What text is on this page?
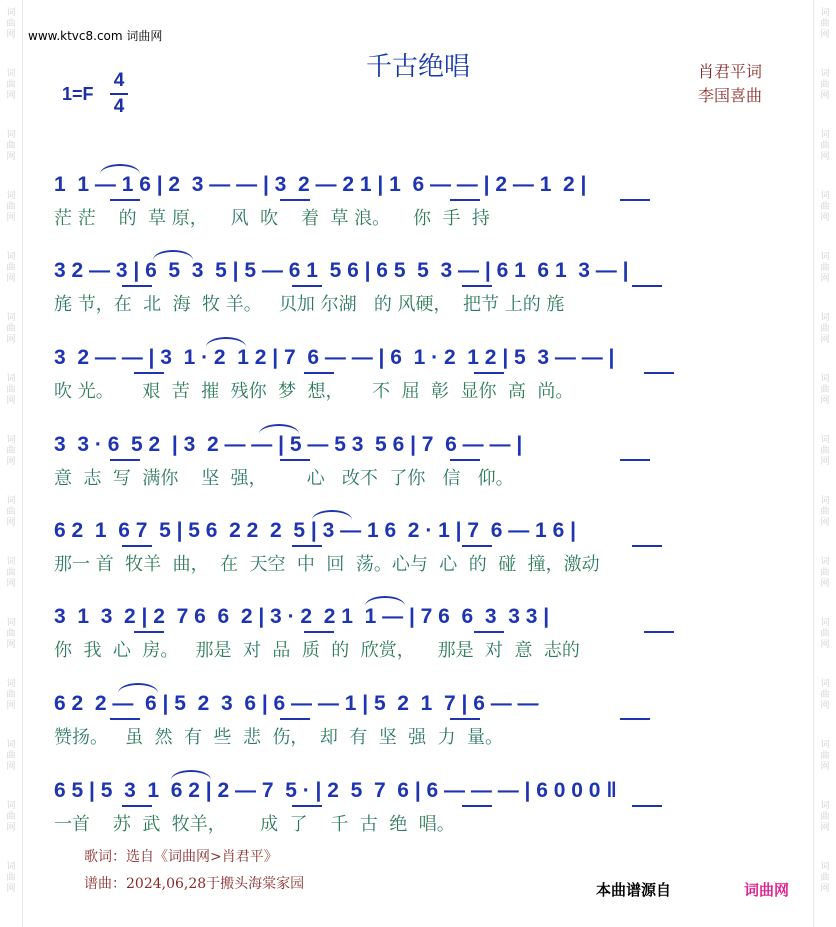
词
曲
网
词
曲
网
词
曲
网
词
曲
网
词
曲
网
词
曲
网
词
曲
网
词
曲
网
词
曲
网
词
曲
网
词
曲
网
词
曲
网
词
曲
网
词
曲
网
词
曲
网
词
曲
网
词
曲
网
词
曲
网
词
曲
网
词
曲
网
词
曲
网
词
曲
网
词
曲
网
词
曲
网
词
曲
网
词
曲
网
词
曲
网
词
曲
网
词
曲
网
词
曲
网
www.ktvc8.com 词曲网
千古绝唱
1=F
4
4
肖君平词
李国喜曲
1  1 — 1 6 | 2  3 — — | 3  2 — 2 1 | 1  6 — — | 2 — 1  2 |
茫 茫    的  草 原，    风  吹    着  草 浪。    你  手  持
3 2 — 3 | 6  5  3  5 | 5 — 6 1  5 6 | 6 5  5  3 — | 6 1  6 1  3 — |
旄 节，在  北  海  牧 羊。   贝加 尔湖   的 风硬，  把节 上的 旄
3  2 — — | 3  1 · 2  1 2 | 7  6 — — | 6  1 · 2  1 2 | 5  3 — — |
吹 光。     艰  苦  摧  残你  梦  想，     不  屈  彰  显你  高  尚。
3  3 · 6  5 2  | 3  2 — — | 5 — 5 3  5 6 | 7  6 — — |
意  志  写  满你    坚  强，       心   改不  了你   信   仰。
6 2  1  6 7  5 | 5 6  2 2  2  5 | 3 — 1 6  2 · 1 | 7  6 — 1 6 |
那一 首  牧羊  曲，  在  天空  中  回  荡。心与  心  的  碰  撞，激动
3  1  3  2 | 2  7 6  6  2 | 3 · 2  2 1  1 — | 7 6  6  3  3 3 |
你  我  心  房。   那是  对  品  质  的  欣赏，    那是  对  意  志的
6 2  2 —  6 | 5  2  3  6 | 6 — — 1 | 5  2  1  7 | 6 — —
赞扬。   虽  然  有  些  悲  伤，  却  有  坚  强  力  量。
6 5 | 5  3  1  6 2 | 2 — 7  5 · | 2  5  7  6 | 6 — — — | 6 0 0 0 ‖
一首    苏  武  牧羊，      成  了    千  古  绝  唱。
歌词：选自《词曲网>肖君平》
谱曲：2024,06,28于搬头海棠家园	本曲谱源自	词曲网
